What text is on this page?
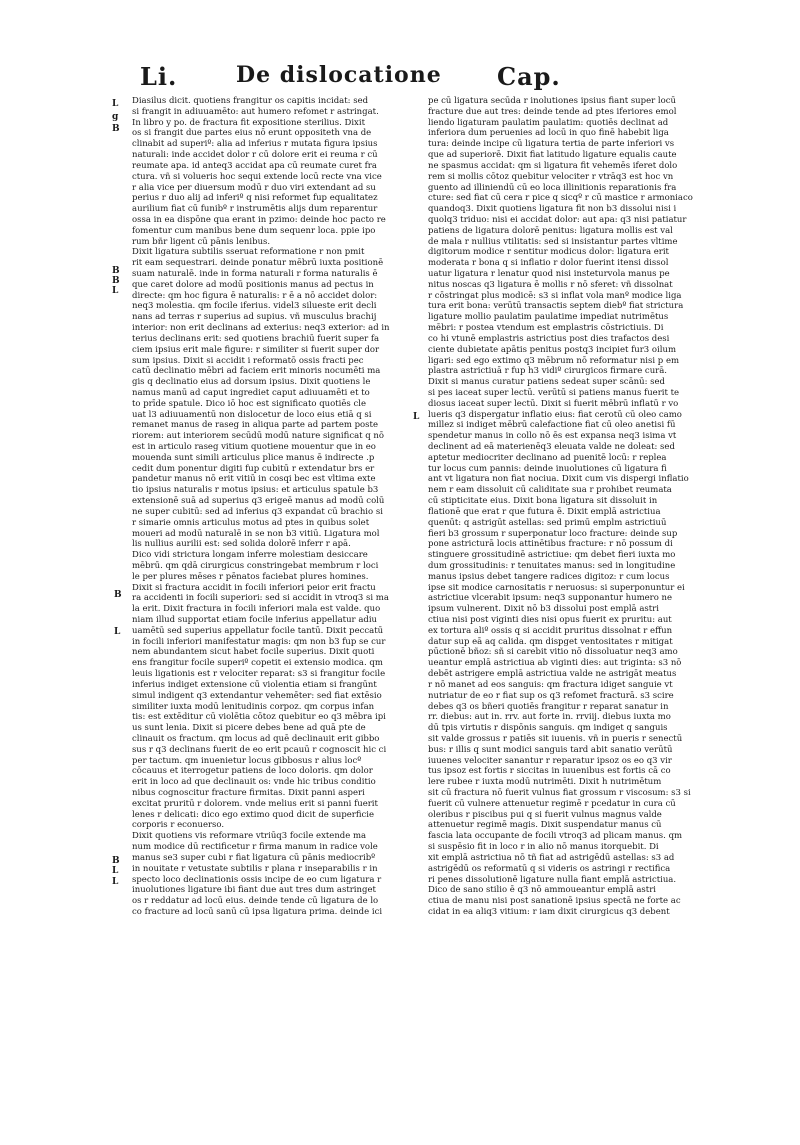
Li.	De dislocatione Cap.
L
g
B
B
B
L
B
L
B
L
L
L
Diasilus dicit. quotiens frangitur os capitis incidat: sed
si frangit in adiuuamēto: aut humero refomet r astringat.
In libro y po. de fractura fit expositione sterilius. Dixit
os si frangit due partes eius nō erunt oppositeth vna de
clinabit ad superiº: alia ad inferius r mutata figura ipsius
naturali: inde accidet dolor r cū dolore erit ei reuma r cū
reumate apa. id anteq3 accidat apa cū reumate curet fra
ctura. vñ si volueris hoc sequi extende locū recte vna vice
r alia vice per diuersum modū r duo viri extendant ad su
perius r duo alij ad inferiº q nisi reformet fup equalitatez
aurilium fiat cū funibº r instrumētis alijs dum reparentur
ossa in ea dispōne qua erant in pzimo: deinde hoc pacto re
fomentur cum manibus bene dum sequenr loca. ppie ipo
rum bñr ligent cū pānis lenibus.
Dixit ligatura subtilis sseruat reformatione r non pmit
rit eam sequestrari. deinde ponatur mēbrū iuxta positionē
suam naturalē. inde in forma naturali r forma naturalis ē
que caret dolore ad modū positionis manus ad pectus in
directe: qm hoc figura ē naturalis: r ē a nō accidet dolor:
neq3 molestia. qm focile iferius. videl3 silueste erit decli
nans ad terras r superius ad supius. vñ musculus brachij
interior: non erit declinans ad exterius: neq3 exterior: ad in
terius declinans erit: sed quotiens brachiū fuerit super fa
ciem ipsius erit male figure: r similiter si fuerit super dor
sum ipsius. Dixit si accidit i reformatō ossis fracti pec
catū declinatio mēbri ad faciem erit minoris nocumēti ma
gis q declinatio eius ad dorsum ipsius. Dixit quotiens le
namus manū ad caput ingrediet caput adiuuamēti et to
to prīde spatule. Dico iō hoc est significato quotiēs cle
uat l3 adiuuamentū non dislocetur de loco eius etiā q si
remanet manus de raseg in aliqua parte ad partem poste
riorem: aut interiorem secūdū modū nature significat q nō
est in articulo raseg vitium quotiene mouentur que in eo
mouenda sunt simili articulus plice manus ē indirecte .p
cedit dum ponentur digiti fup cubitū r extendatur brs er
pandetur manus nō erit vitiū in cosqi bec est vltima exte
tio ipsius naturalis r motus ipsius: et articulus spatule b3
extensionē suā ad superius q3 erigeē manus ad modū colū
ne super cubitū: sed ad inferius q3 expandat cū brachio si
r simarie omnis articulus motus ad ptes in quibus solet
moueri ad modū naturalē in se non b3 vitiū. Ligatura mol
lis nullius aurilii est: sed solida dolorē inferr r apā.
Dico vidi strictura longam inferre molestiam desiccare
mēbrū. qm qdā cirurgicus constringebat membrum r loci
le per plures mēses r pēnatos faciebat plures homines.
Dixit si fractura accidit in focili inferiori peior erit fractu
ra accidenti in focili superiori: sed si accidit in vtroq3 si ma
la erit. Dixit fractura in focili inferiori mala est valde. quo
niam illud supportat etiam focile inferius appellatur adiu
uamētū sed superius appellatur focile tantū. Dixit peccatū
in focili inferiori manifestatur magis: qm non b3 fup se cur
nem abundantem sicut habet focile superius. Dixit quoti
ens frangitur focile superiº copetit ei extensio modica. qm
leuis ligationis est r velociter reparat: s3 si frangitur focile
inferius indiget extensione cū violentia etiam si frangūnt
simul indigent q3 extendantur vehemēter: sed fiat extēsio
similiter iuxta modū lenitudinis corpoz. qm corpus infan
tis: est extēditur cū violētia cōtoz quebitur eo q3 mēbra ipi
us sunt lenia. Dixit si picere debes bene ad quā pte de
clinauit os fractum. qm locus ad quē declinauit erit gibbo
sus r q3 declinans fuerit de eo erit pcauū r cognoscit hic ci
per tactum. qm inuenietur locus gibbosus r alius locº
cōcauus et iterrogetur patiens de loco doloris. qm dolor
erit in loco ad que declinauit os: vnde hic tribus conditio
nibus cognoscitur fracture firmitas. Dixit panni asperi
excitat pruritū r dolorem. vnde melius erit si panni fuerit
lenes r delicati: dico ego extimo quod dicit de superficie
corporis r econuerso.
Dixit quotiens vis reformare vtriūq3 focile extende ma
num modice dū rectificetur r firma manum in radice vole
manus se3 super cubi r fiat ligatura cū pānis mediocribº
in nouitate r vetustate subtilis r plana r inseparabilis r in
specto loco declinationis ossis incipe de eo cum ligatura r
inuolutiones ligature ibi fiant due aut tres dum astringet
os r reddatur ad locū eius. deinde tende cū ligatura de lo
co fracture ad locū sanū cū ipsa ligatura prima. deinde ici
pe cū ligatura secūda r inolutiones ipsius fiant super locū
fracture due aut tres: deinde tende ad ptes iferiores emol
liendo ligaturam paulatim paulatim: quotiēs declinat ad
inferiora dum peruenies ad locū in quo finē habebit liga
tura: deinde incipe cū ligatura tertia de parte inferiori vs
que ad superiorē. Dixit fiat latitudo ligature equalis caute
ne spasmus accidat: qm si ligatura fit vehemēs iferet dolo
rem si mollis cōtoz quebitur velociter r vtrāq3 est hoc vn
guento ad illiniendū cū eo loca illinitionis reparationis fra
cture: sed fiat cū cera r pice q sicqº r cū mastice r armoniaco
quandoq3. Dixit quotiens ligatura fit non b3 dissolui nisi i
quolq3 triduo: nisi ei accidat dolor: aut apa: q3 nisi patiatur
patiens de ligatura dolorē penitus: ligatura mollis est val
de mala r nullius vtilitatis: sed si insistantur partes vltime
digitorum modice r sentitur modicus dolor: ligatura erit
moderata r bona q si inflatio r dolor fuerint itensi dissol
uatur ligatura r lenatur quod nisi insteturvola manus pe
nitus noscas q3 ligatura ē mollis r nō sferet: vñ dissolnat
r cōstringat plus modicē: s3 si inflat vola manº modice liga
tura erit bona: verūtū transactis septem diebº fiat strictura
ligature mollio paulatim paulatime impediat nutrimētus
mēbri: r postea vtendum est emplastris cōstrictiuis. Di
co hi vtunē emplastris astrictius post dies trafactos desi
ciente dubietate apātis penitus postq3 incipiet fur3 oilum
ligari: sed ego extimo q3 mēbrum nō reformatur nisi p em
plastra astrictiuā r fup h3 vidiº cirurgicos firmare curā.
Dixit si manus curatur patiens sedeat super scānū: sed
si pes iaceat super lectū. verūtū si patiens manus fuerit te
diosus iaceat super lectū. Dixit si fuerit mēbrū inflatū r vo
lueris q3 dispergatur inflatio eius: fiat cerotū cū oleo camo
millez si indiget mēbrū calefactione fiat cū oleo anetisi fū
spendetur manus in collo nō ēs est expansa neq3 isima vt
declinent ad eā materienēq3 eleuata valde ne doleat: sed
aptetur mediocriter declinano ad puenitē locū: r replea
tur locus cum pannis: deinde inuolutiones cū ligatura fi
ant vt ligatura non fiat nociua. Dixit cum vis dispergi inflatio
nem r eam dissoluit cū caliditate sua r prohibet reumata
cū stipticitate eius. Dixit bona ligatura sit dissoluit in
flationē que erat r que futura ē. Dixit emplā astrictiua
quenūt: q astrigūt astellas: sed primū emplm astrictiuū
fieri b3 grossum r superponatur loco fracture: deinde sup
pone astricturā locis attinētibus fracture: r nō possum di
stinguere grossitudinē astrictiue: qm debet fieri iuxta mo
dum grossitudinis: r tenuitates manus: sed in longitudine
manus ipsius debet tangere radices digitoz: r cum locus
ipse sit modice carnositatis r neruosus: si superponuntur ei
astrictiue vlcerabit ipsum: neq3 supponantur humero ne
ipsum vulnerent. Dixit nō b3 dissolui post emplā astri
ctiua nisi post viginti dies nisi opus fuerit ex pruritu: aut
ex tortura aliº ossis q si accidit pruritus dissolnat r effun
datur sup eā aq calida. qm dispget ventositates r mitigat
pūctionē bñoz: sñ si carebit vitio nō dissoluatur neq3 amo
ueantur emplā astrictiua ab viginti dies: aut triginta: s3 nō
debēt astrigere emplā astrictiua valde ne astrigāt meatus
r nō manet ad eos sanguis: qm fractura idiget sanguie vt
nutriatur de eo r fiat sup os q3 refomet fracturā. s3 scire
debes q3 os bñeri quotiēs frangitur r reparat sanatur in
rr. diebus: aut in. rrv. aut forte in. rrviij. diebus iuxta mo
dū tpis virtutis r dispōnis sanguis. qm indiget q sanguis
sit valde grossus r patiēs sit iuuenis. vñ in pueris r senectū
bus: r illis q sunt modici sanguis tard abit sanatio verūtū
iuuenes velociter sanantur r reparatur ipsoz os eo q3 vir
tus ipsoz est fortis r siccitas in iuuenibus est fortis cā co
lere rubee r iuxta modū nutrimēti. Dixit h nutrimētum
sit cū fractura nō fuerit vulnus fiat grossum r viscosum: s3 si
fuerit cū vulnere attenuetur regimē r pcedatur in cura cū
oleribus r piscibus pui q si fuerit vulnus magnus valde
attenuetur regimē magis. Dixit suspendatur manus cū
fascia lata occupante de focili vtroq3 ad plicam manus. qm
si suspēsio fit in loco r in alio nō manus itorquebit. Di
xit emplā astrictiua nō tñ fiat ad astrigēdū astellas: s3 ad
astrigēdū os reformatū q si videris os astringi r rectifica
ri penes dissolutionē ligature nulla fiant emplā astrictiua.
Dico de sano stilio ē q3 nō ammoueantur emplā astri
ctiua de manu nisi post sanationē ipsius spectā ne forte ac
cidat in ea aliq3 vitium: r iam dixit cirurgicus q3 debent
